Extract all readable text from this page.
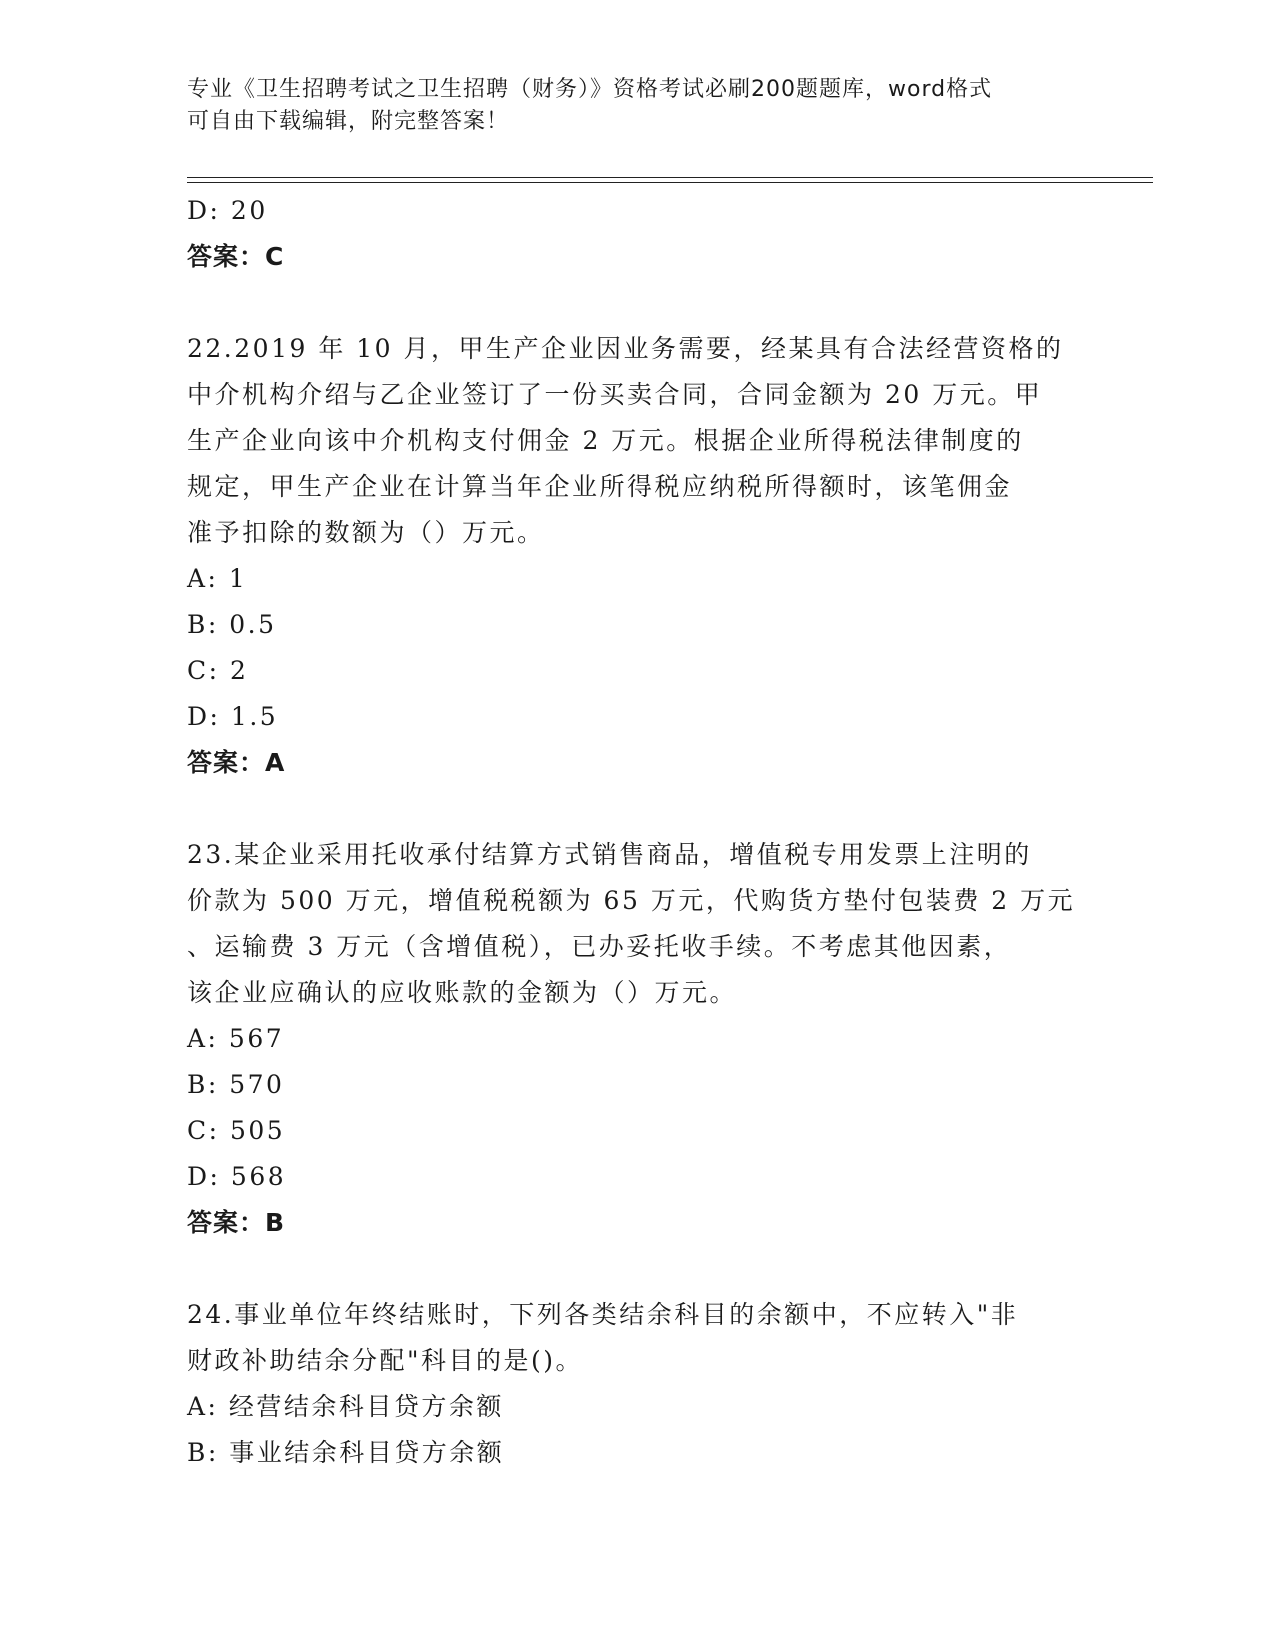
专业《卫生招聘考试之卫生招聘（财务）》资格考试必刷200题题库，word格式
可自由下载编辑，附完整答案！
D: 20
答案：C
22.2019 年 10 月，甲生产企业因业务需要，经某具有合法经营资格的
中介机构介绍与乙企业签订了一份买卖合同，合同金额为 20 万元。甲
生产企业向该中介机构支付佣金 2 万元。根据企业所得税法律制度的
规定，甲生产企业在计算当年企业所得税应纳税所得额时，该笔佣金
准予扣除的数额为（）万元。
A: 1
B: 0.5
C: 2
D: 1.5
答案：A
23.某企业采用托收承付结算方式销售商品，增值税专用发票上注明的
价款为 500 万元，增值税税额为 65 万元，代购货方垫付包装费 2 万元
、运输费 3 万元（含增值税），已办妥托收手续。不考虑其他因素，
该企业应确认的应收账款的金额为（）万元。
A: 567
B: 570
C: 505
D: 568
答案：B
24.事业单位年终结账时，下列各类结余科目的余额中，不应转入"非
财政补助结余分配"科目的是()。
A: 经营结余科目贷方余额
B: 事业结余科目贷方余额
